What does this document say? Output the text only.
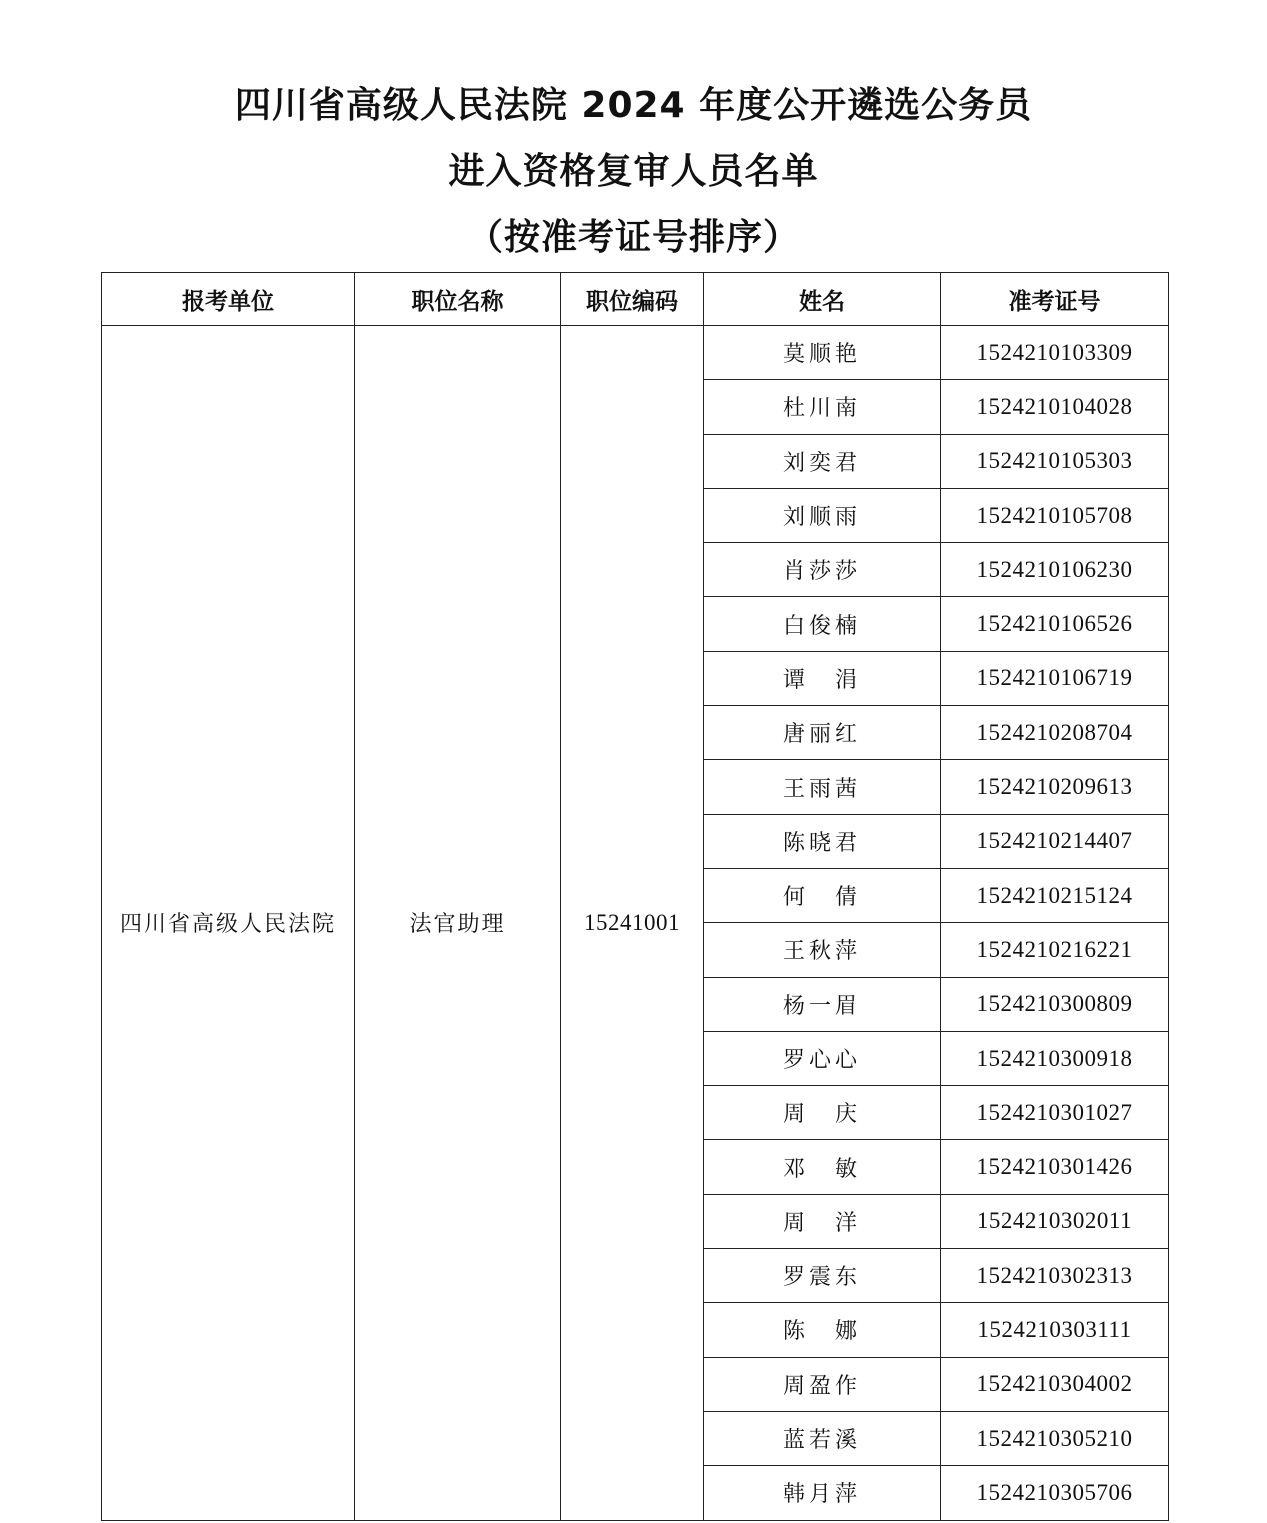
四川省高级人民法院 2024 年度公开遴选公务员
进入资格复审人员名单
（按准考证号排序）
报考单位	职位名称	职位编码	姓名	准考证号
四川省高级人民法院	法官助理	15241001	莫顺艳	1524210103309
			杜川南	1524210104028
			刘奕君	1524210105303
			刘顺雨	1524210105708
			肖莎莎	1524210106230
			白俊楠	1524210106526
			谭　涓	1524210106719
			唐丽红	1524210208704
			王雨茜	1524210209613
			陈晓君	1524210214407
			何　倩	1524210215124
			王秋萍	1524210216221
			杨一眉	1524210300809
			罗心心	1524210300918
			周　庆	1524210301027
			邓　敏	1524210301426
			周　洋	1524210302011
			罗震东	1524210302313
			陈　娜	1524210303111
			周盈作	1524210304002
			蓝若溪	1524210305210
			韩月萍	1524210305706
